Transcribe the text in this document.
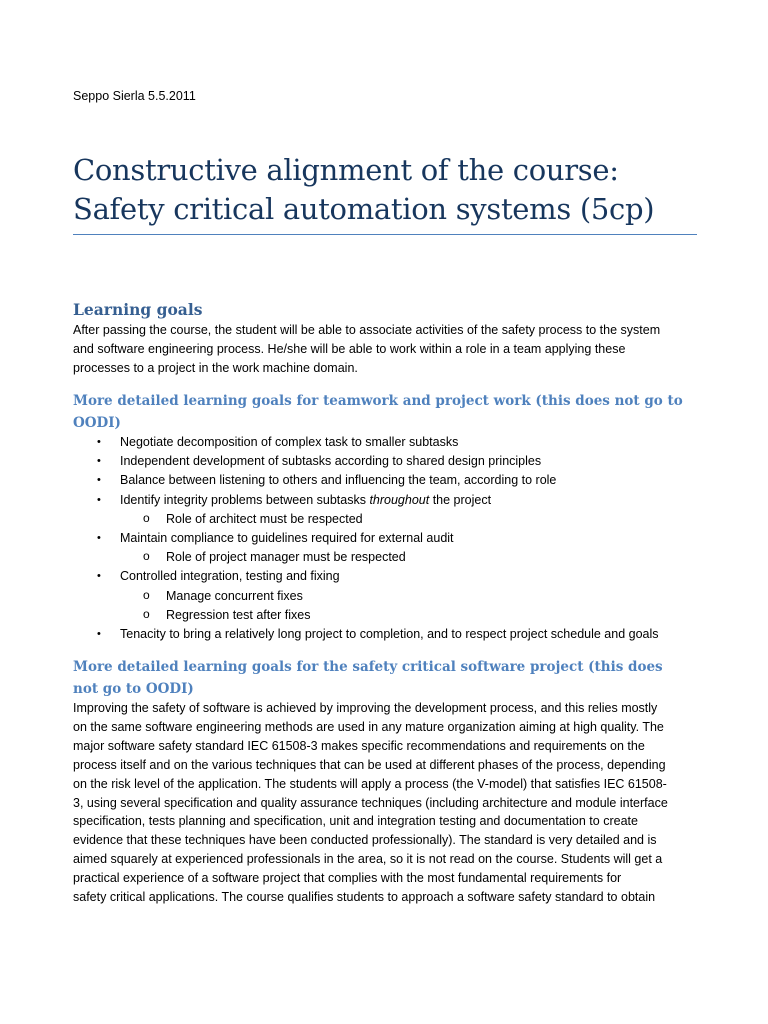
Seppo Sierla 5.5.2011
Constructive alignment of the course:
Safety critical automation systems (5cp)
Learning goals
After passing the course, the student will be able to associate activities of the safety process to the system
and software engineering process. He/she will be able to work within a role in a team applying these
processes to a project in the work machine domain.
More detailed learning goals for teamwork and project work (this does not go to
OODI)
• Negotiate decomposition of complex task to smaller subtasks
• Independent development of subtasks according to shared design principles
• Balance between listening to others and influencing the team, according to role
• Identify integrity problems between subtasks throughout the project
o Role of architect must be respected
• Maintain compliance to guidelines required for external audit
o Role of project manager must be respected
• Controlled integration, testing and fixing
o Manage concurrent fixes
o Regression test after fixes
• Tenacity to bring a relatively long project to completion, and to respect project schedule and goals
More detailed learning goals for the safety critical software project (this does
not go to OODI)
Improving the safety of software is achieved by improving the development process, and this relies mostly
on the same software engineering methods are used in any mature organization aiming at high quality. The
major software safety standard IEC 61508-3 makes specific recommendations and requirements on the
process itself and on the various techniques that can be used at different phases of the process, depending
on the risk level of the application. The students will apply a process (the V-model) that satisfies IEC 61508-
3, using several specification and quality assurance techniques (including architecture and module interface
specification, tests planning and specification, unit and integration testing and documentation to create
evidence that these techniques have been conducted professionally). The standard is very detailed and is
aimed squarely at experienced professionals in the area, so it is not read on the course. Students will get a
practical experience of a software project that complies with the most fundamental requirements for
safety critical applications. The course qualifies students to approach a software safety standard to obtain
